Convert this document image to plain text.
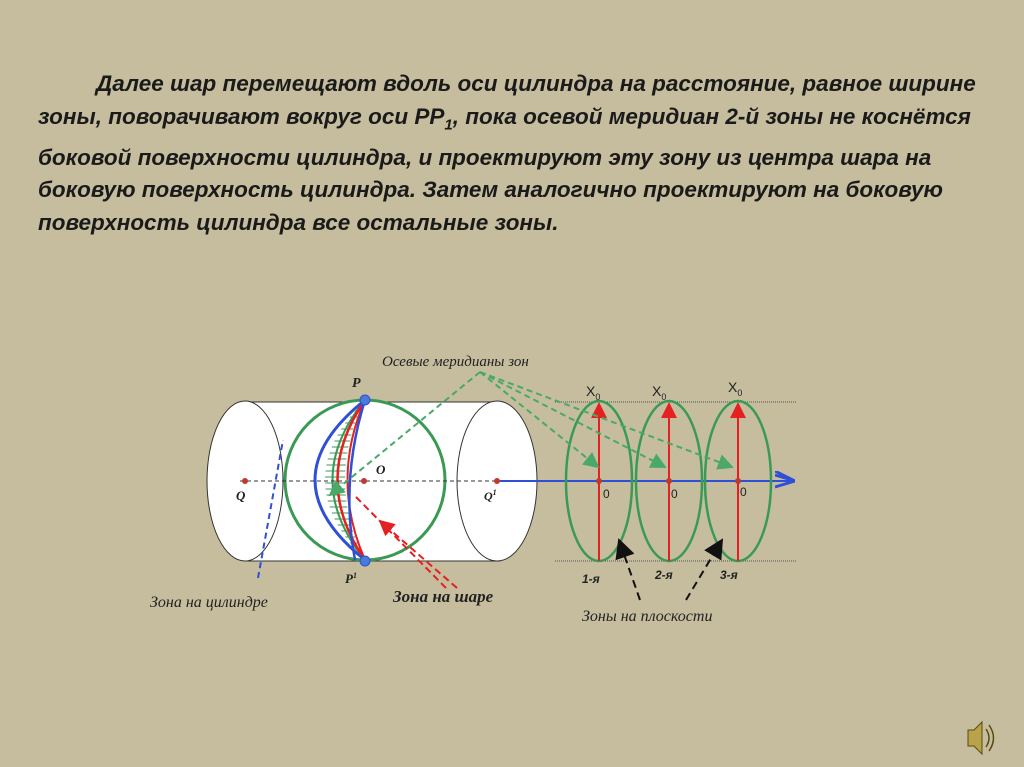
Далее шар перемещают вдоль оси цилиндра на расстояние, равное ширине зоны, поворачивают вокруг оси $PP_1$, пока осевой меридиан 2-й зоны не коснётся боковой поверхности цилиндра, и проектируют эту зону из центра шара на боковую поверхность цилиндра. Затем аналогично проектируют на боковую поверхность цилиндра все остальные зоны.
Осевые меридианы зон
P
O
Q	$Q^1$
$P^1$
Зона на цилиндре	Зона на шаре
Зоны на плоскости
$X_0$	$X_0$
$X_0$
0	0	0
1-я	2-я	3-я
